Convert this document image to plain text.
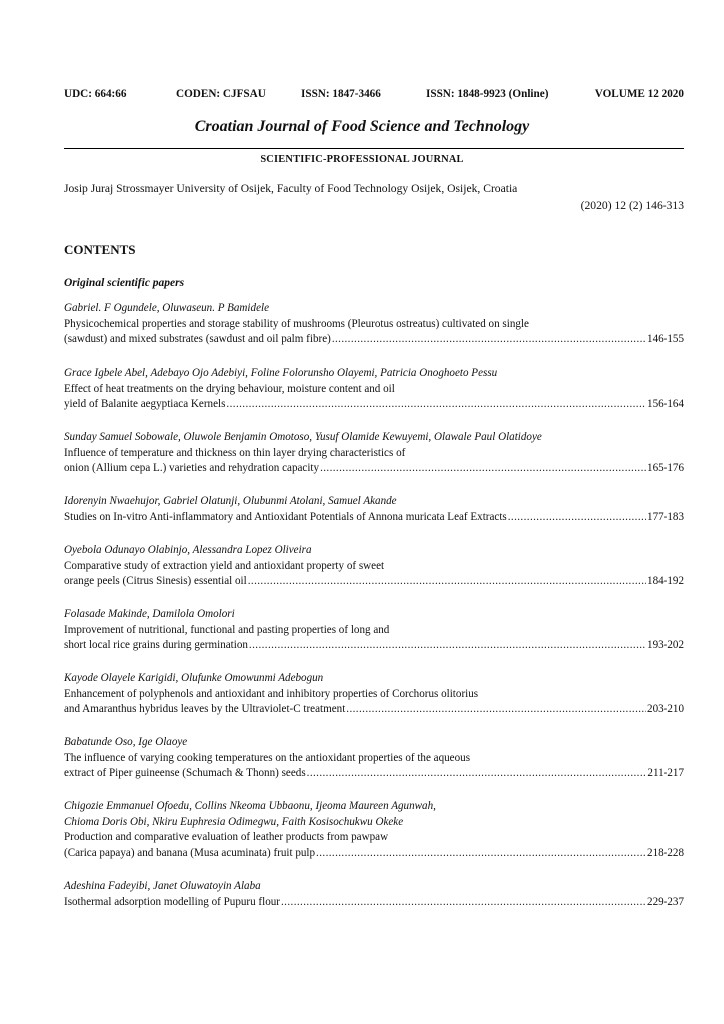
UDC: 664:66	CODEN: CJFSAU	ISSN: 1847-3466	ISSN: 1848-9923 (Online)	VOLUME 12 2020
Croatian Journal of Food Science and Technology
SCIENTIFIC-PROFESSIONAL JOURNAL
Josip Juraj Strossmayer University of Osijek, Faculty of Food Technology Osijek, Osijek, Croatia
(2020) 12 (2) 146-313
CONTENTS
Original scientific papers
Gabriel. F Ogundele, Oluwaseun. P Bamidele
Physicochemical properties and storage stability of mushrooms (Pleurotus ostreatus) cultivated on single
(sawdust) and mixed substrates (sawdust and oil palm fibre) .....	146-155
Grace Igbele Abel, Adebayo Ojo Adebiyi, Foline Folorunsho Olayemi, Patricia Onoghoeto Pessu
Effect of heat treatments on the drying behaviour, moisture content and oil
yield of Balanite aegyptiaca Kernels .....	156-164
Sunday Samuel Sobowale, Oluwole Benjamin Omotoso, Yusuf Olamide Kewuyemi, Olawale Paul Olatidoye
Influence of temperature and thickness on thin layer drying characteristics of
onion (Allium cepa L.) varieties and rehydration capacity .....	165-176
Idorenyin Nwaehujor, Gabriel Olatunji, Olubunmi Atolani, Samuel Akande
Studies on In-vitro Anti-inflammatory and Antioxidant Potentials of Annona muricata Leaf Extracts .....	177-183
Oyebola Odunayo Olabinjo, Alessandra Lopez Oliveira
Comparative study of extraction yield and antioxidant property of sweet
orange peels (Citrus Sinesis) essential oil .....	184-192
Folasade Makinde, Damilola Omolori
Improvement of nutritional, functional and pasting properties of long and
short local rice grains during germination .....	193-202
Kayode Olayele Karigidi, Olufunke Omowunmi Adebogun
Enhancement of polyphenols and antioxidant and inhibitory properties of Corchorus olitorius
and Amaranthus hybridus leaves by the Ultraviolet-C treatment .....	203-210
Babatunde Oso, Ige Olaoye
The influence of varying cooking temperatures on the antioxidant properties of the aqueous
extract of Piper guineense (Schumach & Thonn) seeds .....	211-217
Chigozie Emmanuel Ofoedu, Collins Nkeoma Ubbaonu, Ijeoma Maureen Agunwah,
Chioma Doris Obi, Nkiru Euphresia Odimegwu, Faith Kosisochukwu Okeke
Production and comparative evaluation of leather products from pawpaw
(Carica papaya) and banana (Musa acuminata) fruit pulp .....	218-228
Adeshina Fadeyibi, Janet Oluwatoyin Alaba
Isothermal adsorption modelling of Pupuru flour .....	229-237
